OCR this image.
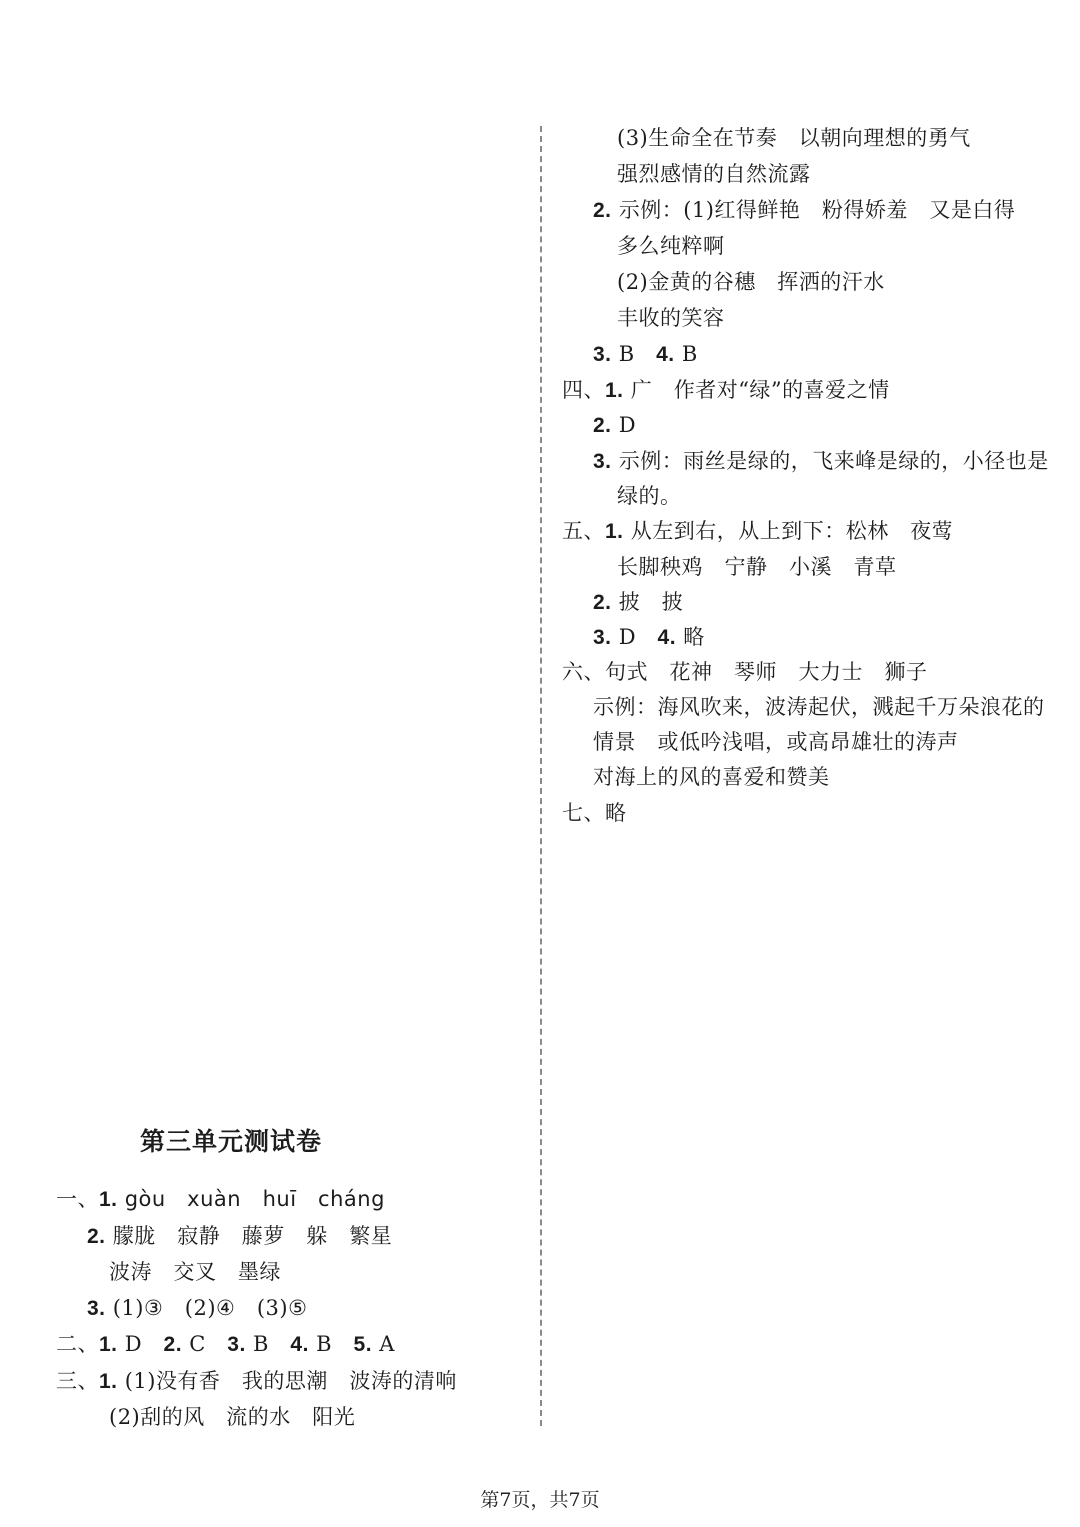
(3)生命全在节奏　以朝向理想的勇气
强烈感情的自然流露
2. 示例：(1)红得鲜艳　粉得娇羞　又是白得
多么纯粹啊
(2)金黄的谷穗　挥洒的汗水
丰收的笑容
3. B　4. B
四、1. 广　作者对“绿”的喜爱之情
2. D
3. 示例：雨丝是绿的，飞来峰是绿的，小径也是
绿的。
五、1. 从左到右，从上到下：松林　夜莺
长脚秧鸡　宁静　小溪　青草
2. 披　披
3. D　4. 略
六、句式　花神　琴师　大力士　狮子
示例：海风吹来，波涛起伏，溅起千万朵浪花的
情景　或低吟浅唱，或高昂雄壮的涛声
对海上的风的喜爱和赞美
七、略
第三单元测试卷
一、1. gòu　xuàn　huī　cháng
2. 朦胧　寂静　藤萝　躲　繁星
波涛　交叉　墨绿
3. (1)③　(2)④　(3)⑤
二、1. D　2. C　3. B　4. B　5. A
三、1. (1)没有香　我的思潮　波涛的清响
(2)刮的风　流的水　阳光
第7页，共7页
